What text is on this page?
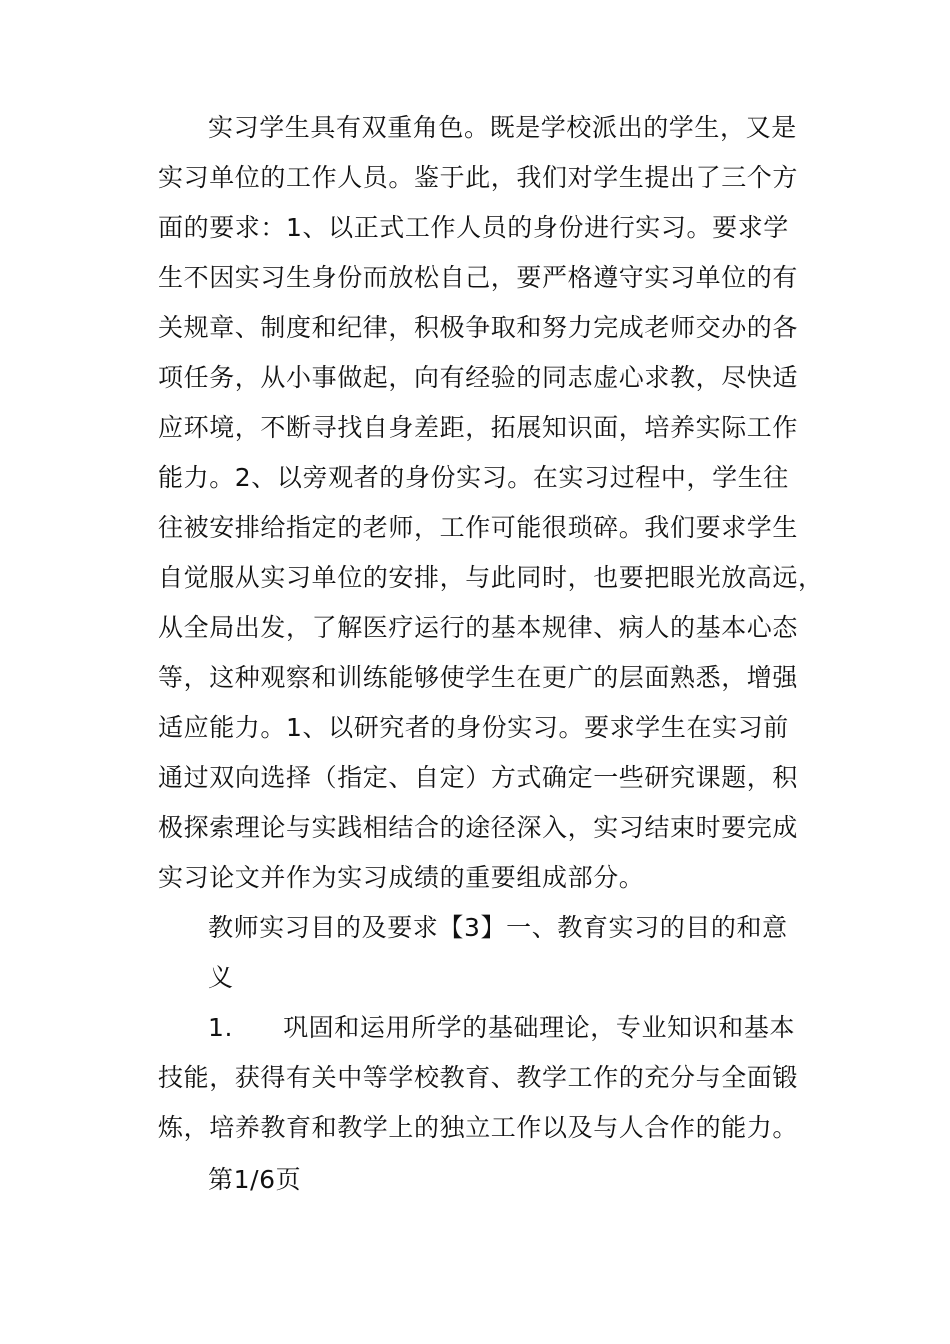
实习学生具有双重角色。既是学校派出的学生，又是
实习单位的工作人员。鉴于此，我们对学生提出了三个方
面的要求：1、以正式工作人员的身份进行实习。要求学
生不因实习生身份而放松自己，要严格遵守实习单位的有
关规章、制度和纪律，积极争取和努力完成老师交办的各
项任务，从小事做起，向有经验的同志虚心求教，尽快适
应环境，不断寻找自身差距，拓展知识面，培养实际工作
能力。2、以旁观者的身份实习。在实习过程中，学生往
往被安排给指定的老师，工作可能很琐碎。我们要求学生
自觉服从实习单位的安排，与此同时，也要把眼光放高远，
从全局出发，了解医疗运行的基本规律、病人的基本心态
等，这种观察和训练能够使学生在更广的层面熟悉，增强
适应能力。1、以研究者的身份实习。要求学生在实习前
通过双向选择（指定、自定）方式确定一些研究课题，积
极探索理论与实践相结合的途径深入，实习结束时要完成
实习论文并作为实习成绩的重要组成部分。
教师实习目的及要求【3】一、教育实习的目的和意
义
1. 巩固和运用所学的基础理论，专业知识和基本
技能，获得有关中等学校教育、教学工作的充分与全面锻
炼，培养教育和教学上的独立工作以及与人合作的能力。
第1/6页
